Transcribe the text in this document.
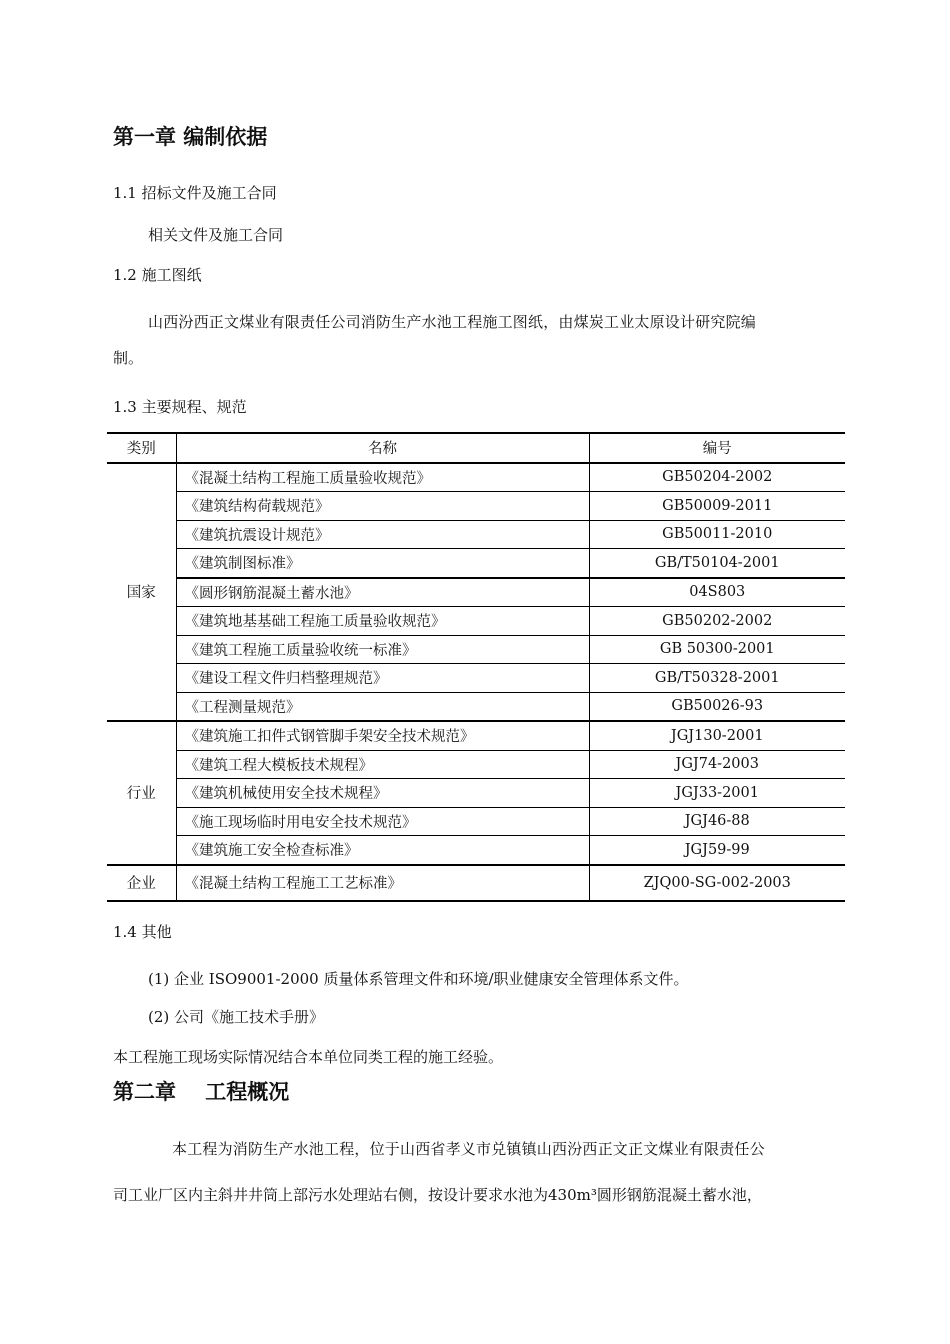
第一章 编制依据
1.1 招标文件及施工合同
相关文件及施工合同
1.2 施工图纸
山西汾西正文煤业有限责任公司消防生产水池工程施工图纸，由煤炭工业太原设计研究院编
制。
1.3 主要规程、规范
类别	名称	编号
国家	《混凝土结构工程施工质量验收规范》	GB50204-2002
	《建筑结构荷载规范》	GB50009-2011
	《建筑抗震设计规范》	GB50011-2010
	《建筑制图标准》	GB/T50104-2001
	《圆形钢筋混凝土蓄水池》	04S803
	《建筑地基基础工程施工质量验收规范》	GB50202-2002
	《建筑工程施工质量验收统一标准》	GB 50300-2001
	《建设工程文件归档整理规范》	GB/T50328-2001
	《工程测量规范》	GB50026-93
行业	《建筑施工扣件式钢管脚手架安全技术规范》	JGJ130-2001
	《建筑工程大模板技术规程》	JGJ74-2003
	《建筑机械使用安全技术规程》	JGJ33-2001
	《施工现场临时用电安全技术规范》	JGJ46-88
	《建筑施工安全检查标准》	JGJ59-99
企业	《混凝土结构工程施工工艺标准》	ZJQ00-SG-002-2003
1.4 其他
(1) 企业 ISO9001-2000 质量体系管理文件和环境/职业健康安全管理体系文件。
(2) 公司《施工技术手册》
本工程施工现场实际情况结合本单位同类工程的施工经验。
第二章    工程概况
本工程为消防生产水池工程，位于山西省孝义市兑镇镇山西汾西正文正文煤业有限责任公
司工业厂区内主斜井井筒上部污水处理站右侧，按设计要求水池为430m³圆形钢筋混凝土蓄水池，
